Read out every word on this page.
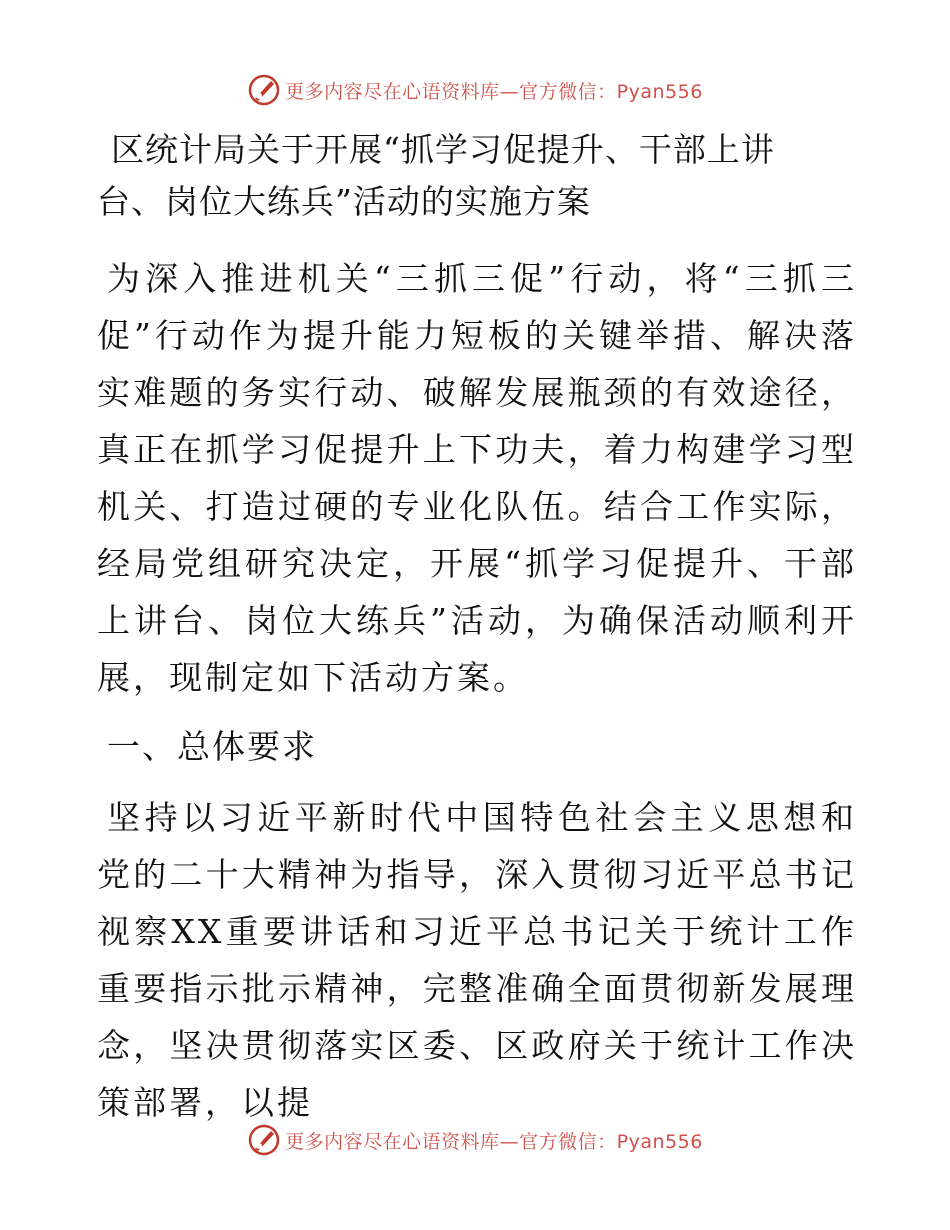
更多内容尽在心语资料库—官方微信：Pyan556
区统计局关于开展“抓学习促提升、干部上讲
台、岗位大练兵”活动的实施方案

为深入推进机关“三抓三促”行动，将“三抓三促”行动作为提升能力短板的关键举措、解决落实难题的务实行动、破解发展瓶颈的有效途径，真正在抓学习促提升上下功夫，着力构建学习型机关、打造过硬的专业化队伍。结合工作实际，经局党组研究决定，开展“抓学习促提升、干部上讲台、岗位大练兵”活动，为确保活动顺利开展，现制定如下活动方案。

一、总体要求

坚持以习近平新时代中国特色社会主义思想和党的二十大精神为指导，深入贯彻习近平总书记视察XX重要讲话和习近平总书记关于统计工作重要指示批示精神，完整准确全面贯彻新发展理念，坚决贯彻落实区委、区政府关于统计工作决策部署，以提

更多内容尽在心语资料库—官方微信：Pyan556
